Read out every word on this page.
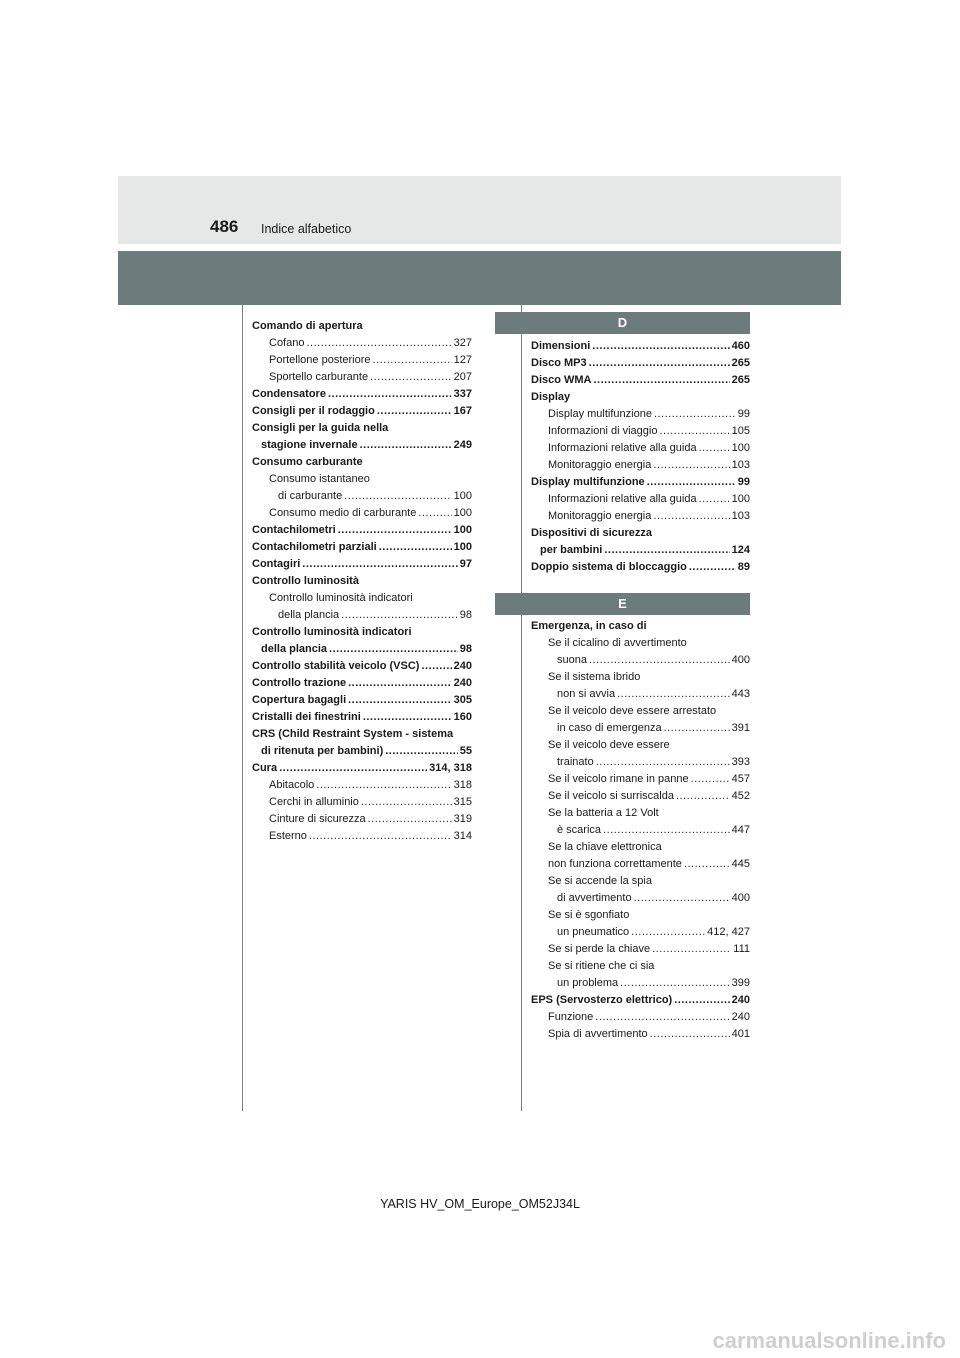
486 Indice alfabetico
Comando di apertura
Cofano .....	327
Portellone posteriore .....	127
Sportello carburante .....	207
Condensatore .....	337
Consigli per il rodaggio .....	167
Consigli per la guida nella
stagione invernale .....	249
Consumo carburante
Consumo istantaneo
di carburante .....	100
Consumo medio di carburante .....	100
Contachilometri .....	100
Contachilometri parziali .....	100
Contagiri .....	97
Controllo luminosità
Controllo luminosità indicatori
della plancia .....	98
Controllo luminosità indicatori
della plancia .....	98
Controllo stabilità veicolo (VSC) .....	240
Controllo trazione .....	240
Copertura bagagli .....	305
Cristalli dei finestrini .....	160
CRS (Child Restraint System - sistema
di ritenuta per bambini) .....	55
Cura .....	314, 318
Abitacolo .....	318
Cerchi in alluminio .....	315
Cinture di sicurezza .....	319
Esterno .....	314
D
Dimensioni .....	460
Disco MP3 .....	265
Disco WMA .....	265
Display
Display multifunzione .....	99
Informazioni di viaggio .....	105
Informazioni relative alla guida .....	100
Monitoraggio energia .....	103
Display multifunzione .....	99
Informazioni relative alla guida .....	100
Monitoraggio energia .....	103
Dispositivi di sicurezza
per bambini .....	124
Doppio sistema di bloccaggio .....	89
E
Emergenza, in caso di
Se il cicalino di avvertimento
suona .....	400
Se il sistema ibrido
non si avvia .....	443
Se il veicolo deve essere arrestato
in caso di emergenza .....	391
Se il veicolo deve essere
trainato .....	393
Se il veicolo rimane in panne .....	457
Se il veicolo si surriscalda .....	452
Se la batteria a 12 Volt
è scarica .....	447
Se la chiave elettronica
non funziona correttamente .....	445
Se si accende la spia
di avvertimento .....	400
Se si è sgonfiato
un pneumatico .....	412, 427
Se si perde la chiave .....	111
Se si ritiene che ci sia
un problema .....	399
EPS (Servosterzo elettrico) .....	240
Funzione .....	240
Spia di avvertimento .....	401
YARIS HV_OM_Europe_OM52J34L
carmanualsonline.info
